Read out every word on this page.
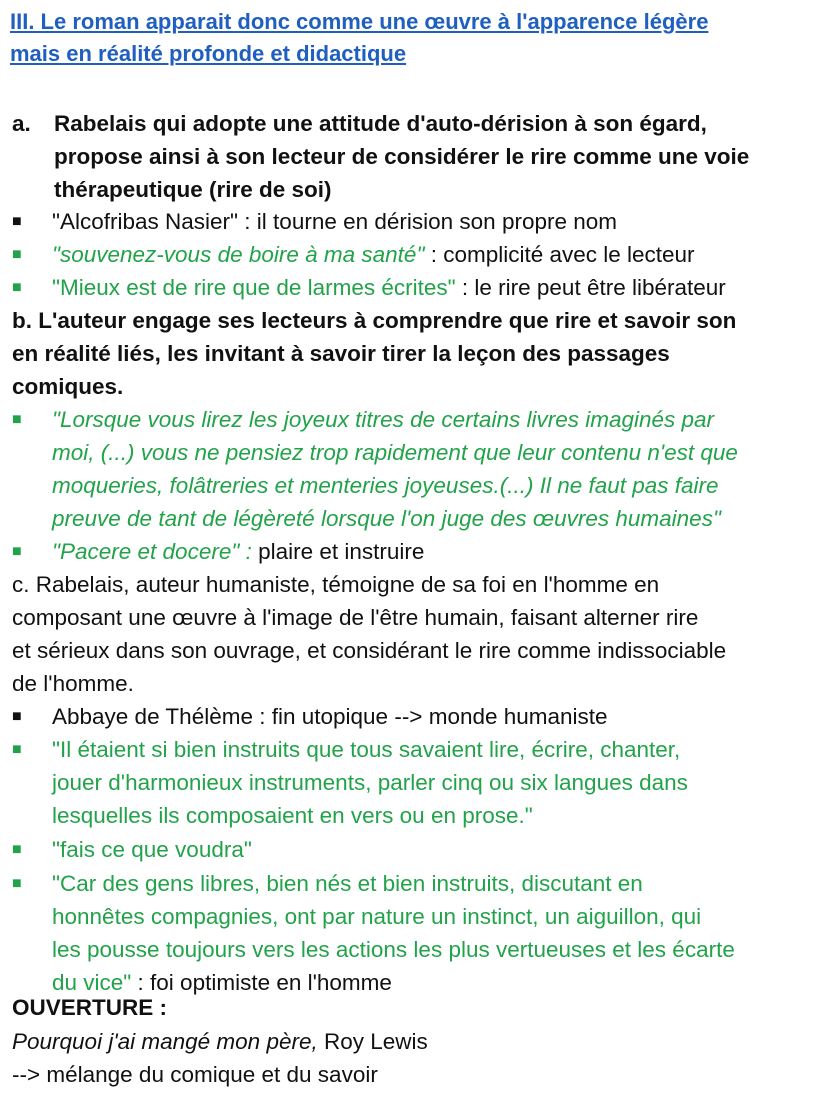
III. Le roman apparait donc comme une œuvre à l'apparence légère
mais en réalité profonde et didactique
a. Rabelais qui adopte une attitude d'auto-dérision à son égard,
propose ainsi à son lecteur de considérer le rire comme une voie
thérapeutique (rire de soi)
■ "Alcofribas Nasier" : il tourne en dérision son propre nom
■ "souvenez-vous de boire à ma santé" : complicité avec le lecteur
■ "Mieux est de rire que de larmes écrites" : le rire peut être libérateur
b. L'auteur engage ses lecteurs à comprendre que rire et savoir son
en réalité liés, les invitant à savoir tirer la leçon des passages
comiques.
■ "Lorsque vous lirez les joyeux titres de certains livres imaginés par
moi, (...) vous ne pensiez trop rapidement que leur contenu n'est que
moqueries, folâtreries et menteries joyeuses.(...) Il ne faut pas faire
preuve de tant de légèreté lorsque l'on juge des œuvres humaines"
■ "Pacere et docere" : plaire et instruire
c. Rabelais, auteur humaniste, témoigne de sa foi en l'homme en
composant une œuvre à l'image de l'être humain, faisant alterner rire
et sérieux dans son ouvrage, et considérant le rire comme indissociable
de l'homme.
■ Abbaye de Thélème : fin utopique --> monde humaniste
■ "Il étaient si bien instruits que tous savaient lire, écrire, chanter,
jouer d'harmonieux instruments, parler cinq ou six langues dans
lesquelles ils composaient en vers ou en prose."
■ "fais ce que voudra"
■ "Car des gens libres, bien nés et bien instruits, discutant en
honnêtes compagnies, ont par nature un instinct, un aiguillon, qui
les pousse toujours vers les actions les plus vertueuses et les écarte
du vice" : foi optimiste en l'homme
OUVERTURE :
Pourquoi j'ai mangé mon père, Roy Lewis
--> mélange du comique et du savoir
